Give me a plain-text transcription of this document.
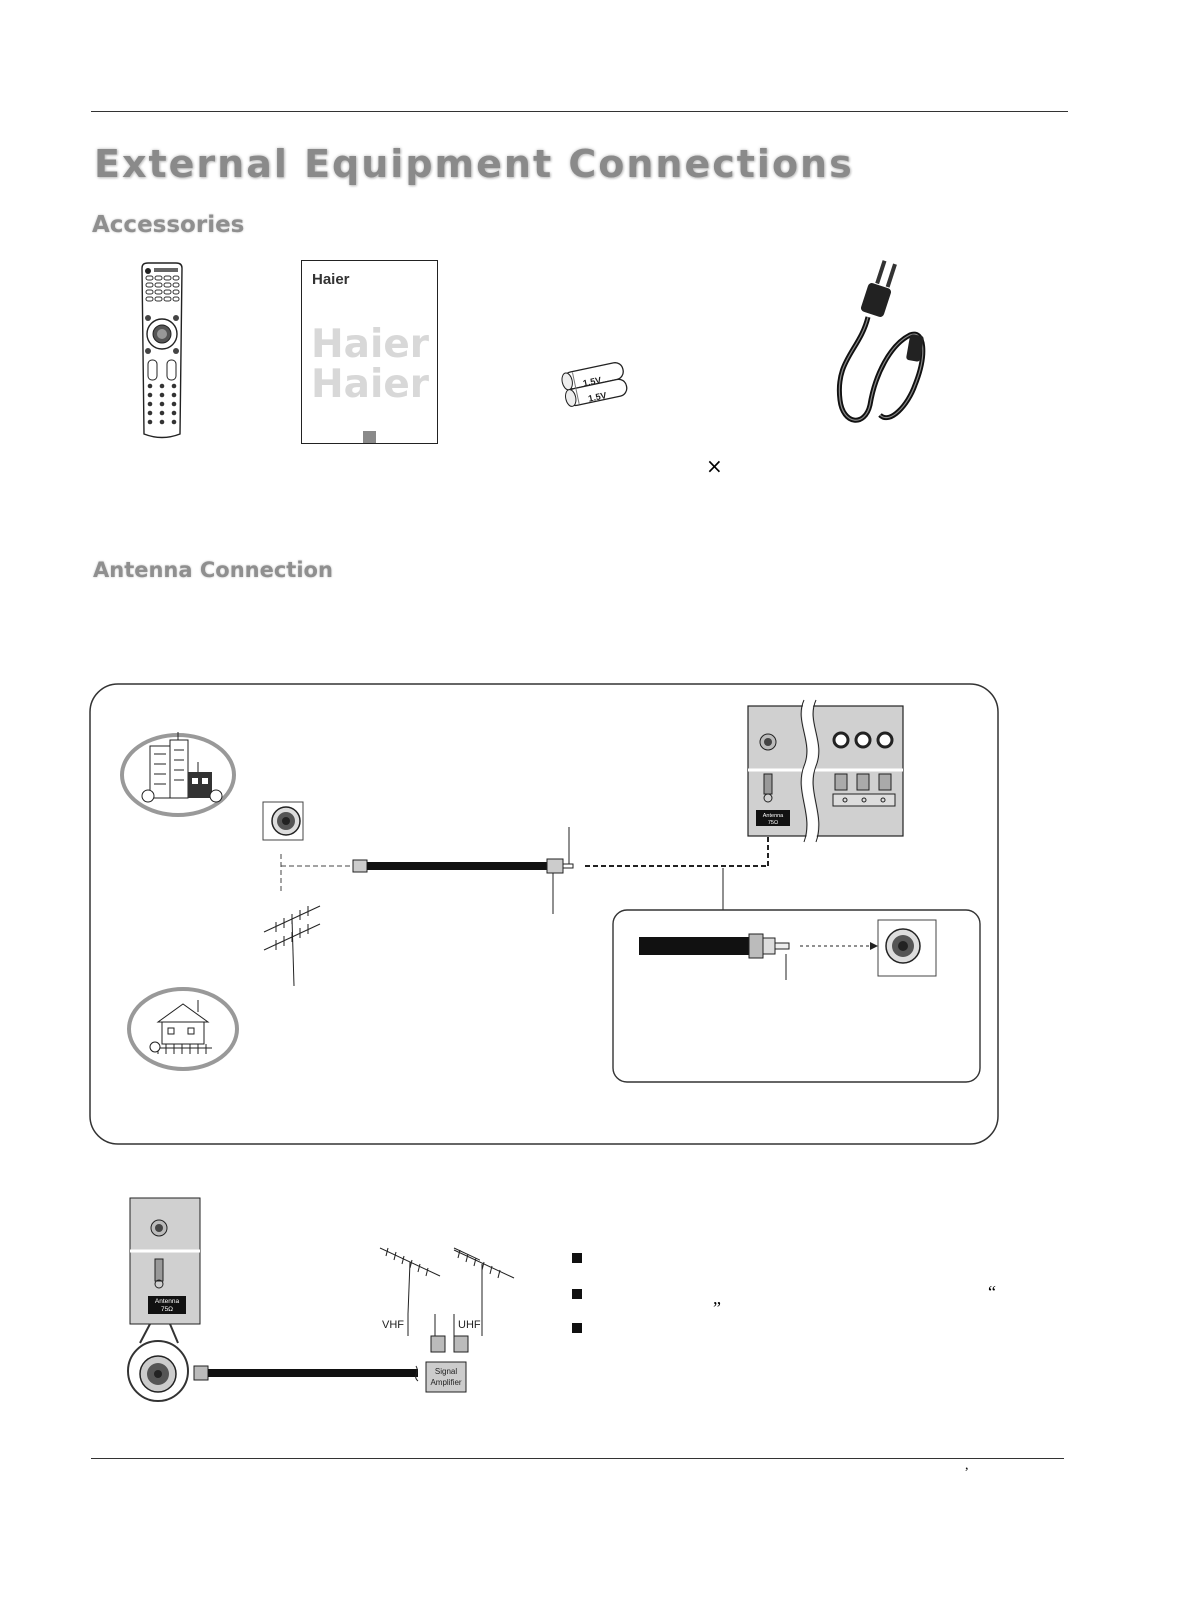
External Equipment Connections
Accessories
Haier
Haier
Haier	1.5V
1.5V
×
Antenna Connection
Antenna
75Ω
Antenna
75Ω
VHF	UHF
Signal
Amplifier
“
”
,
